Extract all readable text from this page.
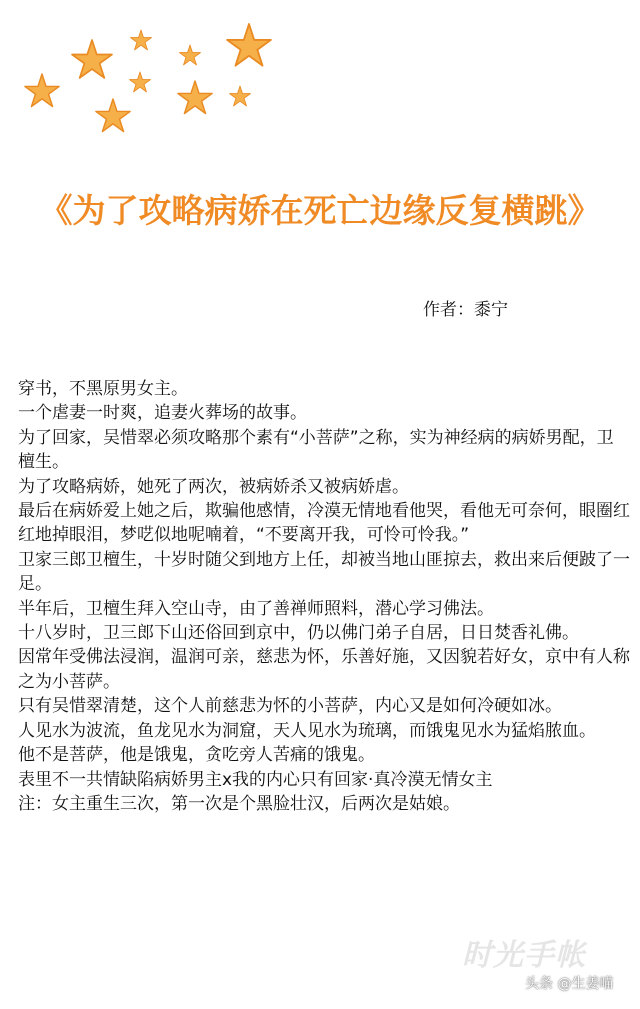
《为了攻略病娇在死亡边缘反复横跳》
作者：黍宁
穿书，不黑原男女主。
一个虐妻一时爽，追妻火葬场的故事。
为了回家，吴惜翠必须攻略那个素有“小菩萨”之称，实为神经病的病娇男配，卫檀生。
为了攻略病娇，她死了两次，被病娇杀又被病娇虐。
最后在病娇爱上她之后，欺骗他感情，冷漠无情地看他哭，看他无可奈何，眼圈红红地掉眼泪，梦呓似地呢喃着，“不要离开我，可怜可怜我。”
卫家三郎卫檀生，十岁时随父到地方上任，却被当地山匪掠去，救出来后便跛了一足。
半年后，卫檀生拜入空山寺，由了善禅师照料，潜心学习佛法。
十八岁时，卫三郎下山还俗回到京中，仍以佛门弟子自居，日日焚香礼佛。
因常年受佛法浸润，温润可亲，慈悲为怀，乐善好施，又因貌若好女，京中有人称之为小菩萨。
只有吴惜翠清楚，这个人前慈悲为怀的小菩萨，内心又是如何冷硬如冰。
人见水为波流，鱼龙见水为洞窟，天人见水为琉璃，而饿鬼见水为猛焰脓血。
他不是菩萨，他是饿鬼，贪吃旁人苦痛的饿鬼。
表里不一共情缺陷病娇男主x我的内心只有回家·真冷漠无情女主
注：女主重生三次，第一次是个黑脸壮汉，后两次是姑娘。
时光手帐
头条 @生姜喵
